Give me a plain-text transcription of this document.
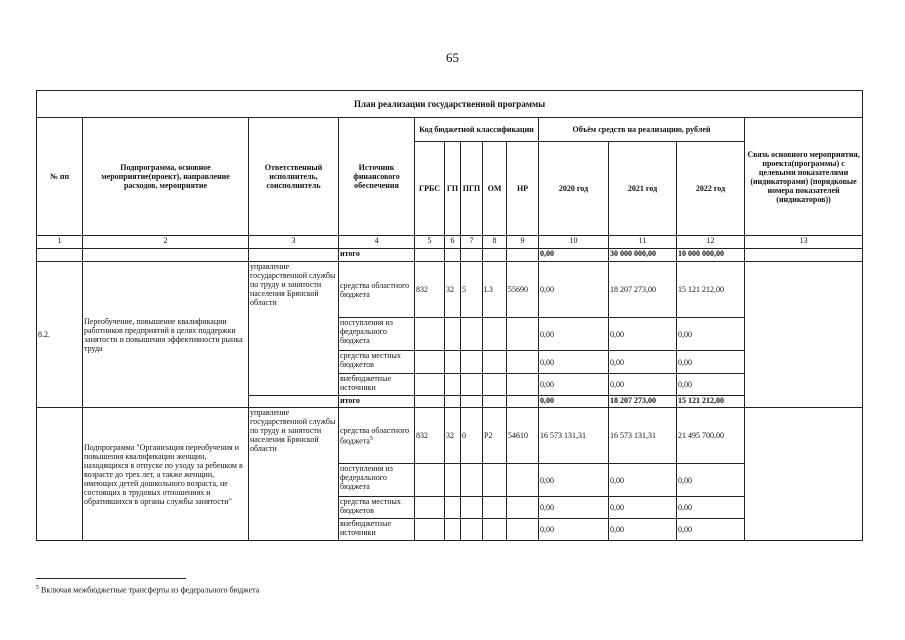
65
План реализации государственной программы												
№ пп	Подпрограмма, основное мероприятие(проект), направление расходов, мероприятие	Ответственный исполнитель, соисполнитель	Источник финансового обеспечения	Код бюджетной классификации					Объём средств на реализацию, рублей			Связь основного мероприятия, проекта(программы) с целевыми показателями (индикаторами) (порядковые номера показателей (индикаторов))
				ГРБС	ГП	ПГП	ОМ	НР	2020 год	2021 год	2022 год	
1	2	3	4	5	6	7	8	9	10	11	12	13
			итого						0,00	30 000 000,00	10 000 000,00	
8.2.	Переобучение, повышение квалификации работников предприятий в целях поддержки занятости и повышения эффективности рынка труда	управление государственной службы по труду и занятости населения Брянской области	средства областного бюджета	832	32	5	L3	55690	0,00	18 207 273,00	15 121 212,00	
			поступления из федерального бюджета						0,00	0,00	0,00	
			средства местных бюджетов						0,00	0,00	0,00	
			внебюджетные источники						0,00	0,00	0,00	
			итого						0,00	18 207 273,00	15 121 212,00	
	Подпрограмма "Организация переобучения и повышения квалификации женщин, находящихся в отпуске по уходу за ребенком в возрасте до трех лет, а также женщин, имеющих детей дошкольного возраста, не состоящих в трудовых отношениях и обратившихся в органы службы занятости"	управление государственной службы по труду и занятости населения Брянской области	средства областного бюджета$^5$	832	32	0	P2	54610	16 573 131,31	16 573 131,31	21 495 700,00	
			поступления из федерального бюджета						0,00	0,00	0,00	
			средства местных бюджетов						0,00	0,00	0,00	
			внебюджетные источники						0,00	0,00	0,00	
$^5$ Включая межбюджетные трансферты из федерального бюджета
